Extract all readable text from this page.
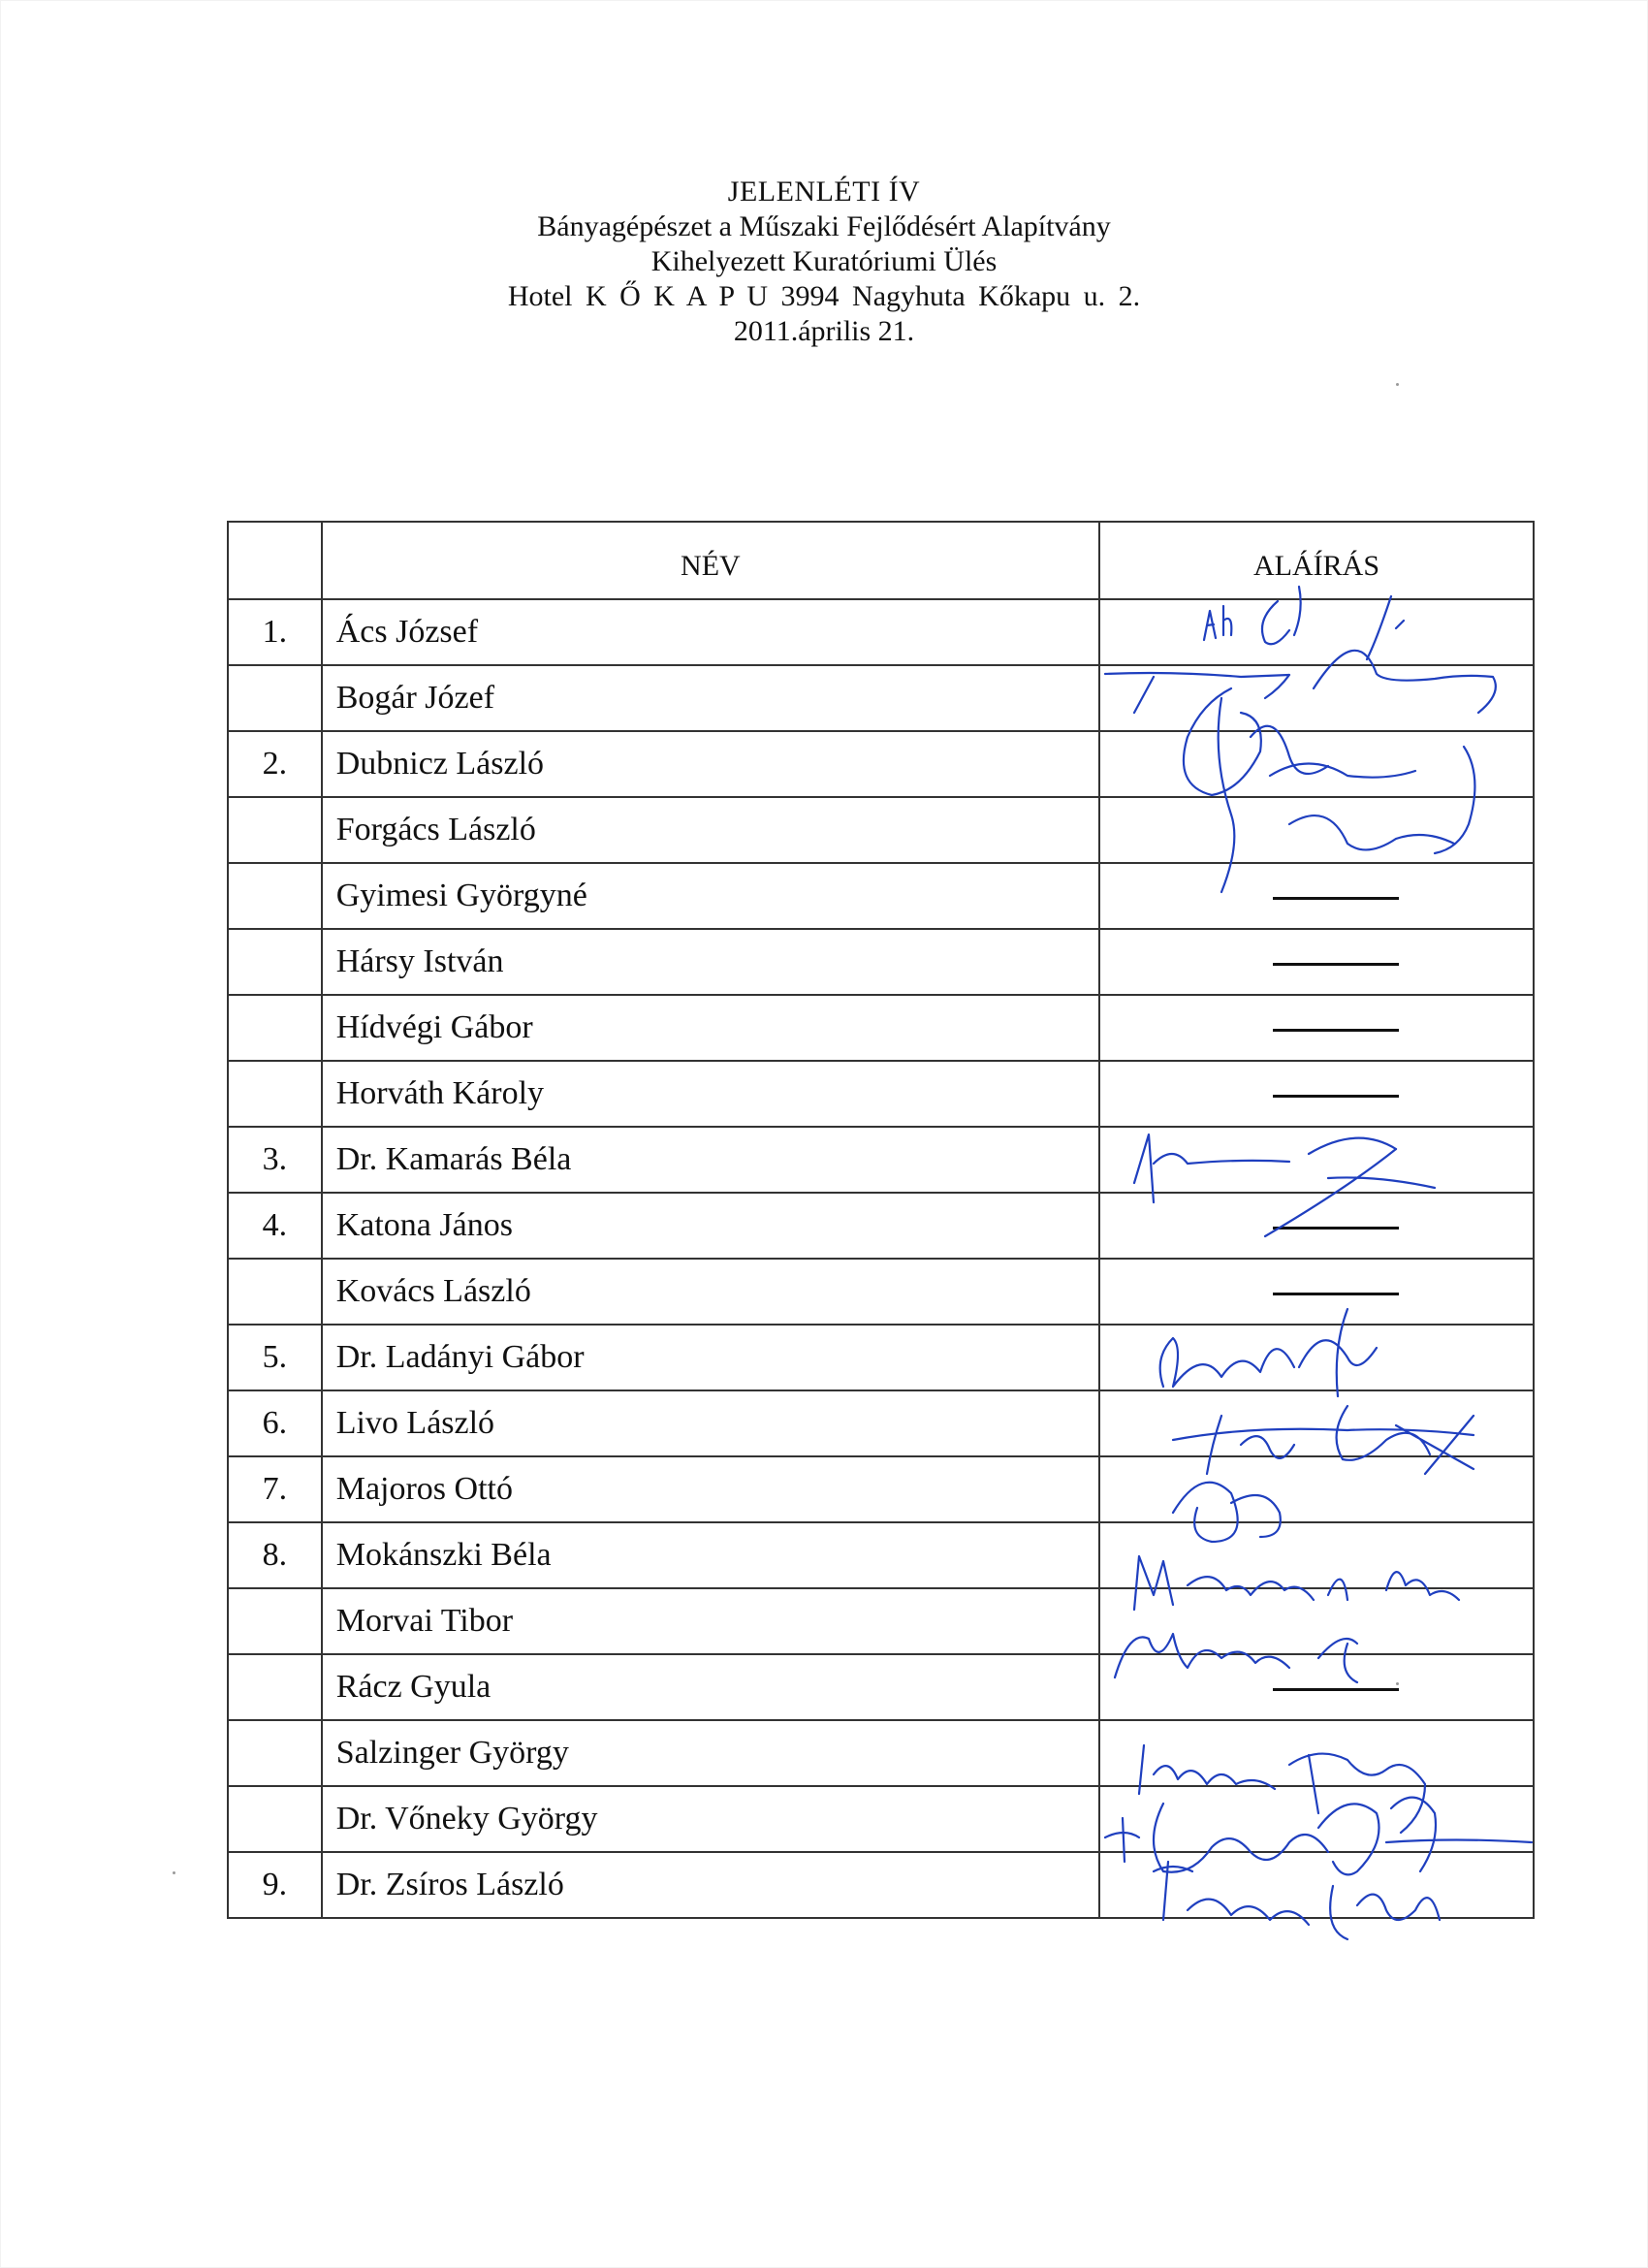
JELENLÉTI ÍV
Bányagépészet a Műszaki Fejlődésért Alapítvány
Kihelyezett Kuratóriumi Ülés
Hotel K Ő K A P U 3994 Nagyhuta Kőkapu u. 2.
2011.április 21.
	NÉV	ALÁÍRÁS
1.	Ács József	
	Bogár Józef	
2.	Dubnicz László	
	Forgács László	
	Gyimesi Györgyné	
	Hársy István	
	Hídvégi Gábor	
	Horváth Károly	
3.	Dr. Kamarás Béla	
4.	Katona János	
	Kovács László	
5.	Dr. Ladányi Gábor	
6.	Livo László	
7.	Majoros Ottó	
8.	Mokánszki Béla	
	Morvai Tibor	
	Rácz Gyula	
	Salzinger György	
	Dr. Vőneky György	
9.	Dr. Zsíros László	
